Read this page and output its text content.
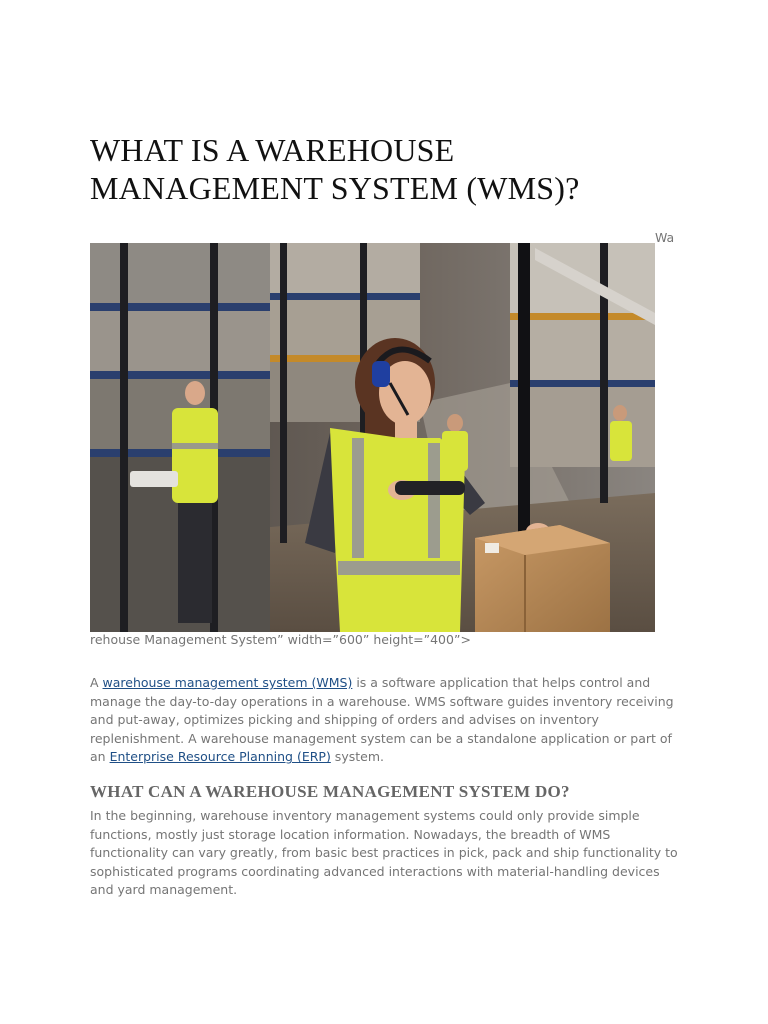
WHAT IS A WAREHOUSE MANAGEMENT SYSTEM (WMS)?
Wa
rehouse Management System” width=”600” height=”400”>

A warehouse management system (WMS) is a software application that helps control and manage the day-to-day operations in a warehouse. WMS software guides inventory receiving and put-away, optimizes picking and shipping of orders and advises on inventory replenishment. A warehouse management system can be a standalone application or part of an Enterprise Resource Planning (ERP) system.

WHAT CAN A WAREHOUSE MANAGEMENT SYSTEM DO?

In the beginning, warehouse inventory management systems could only provide simple functions, mostly just storage location information. Nowadays, the breadth of WMS functionality can vary greatly, from basic best practices in pick, pack and ship functionality to sophisticated programs coordinating advanced interactions with material-handling devices and yard management.
